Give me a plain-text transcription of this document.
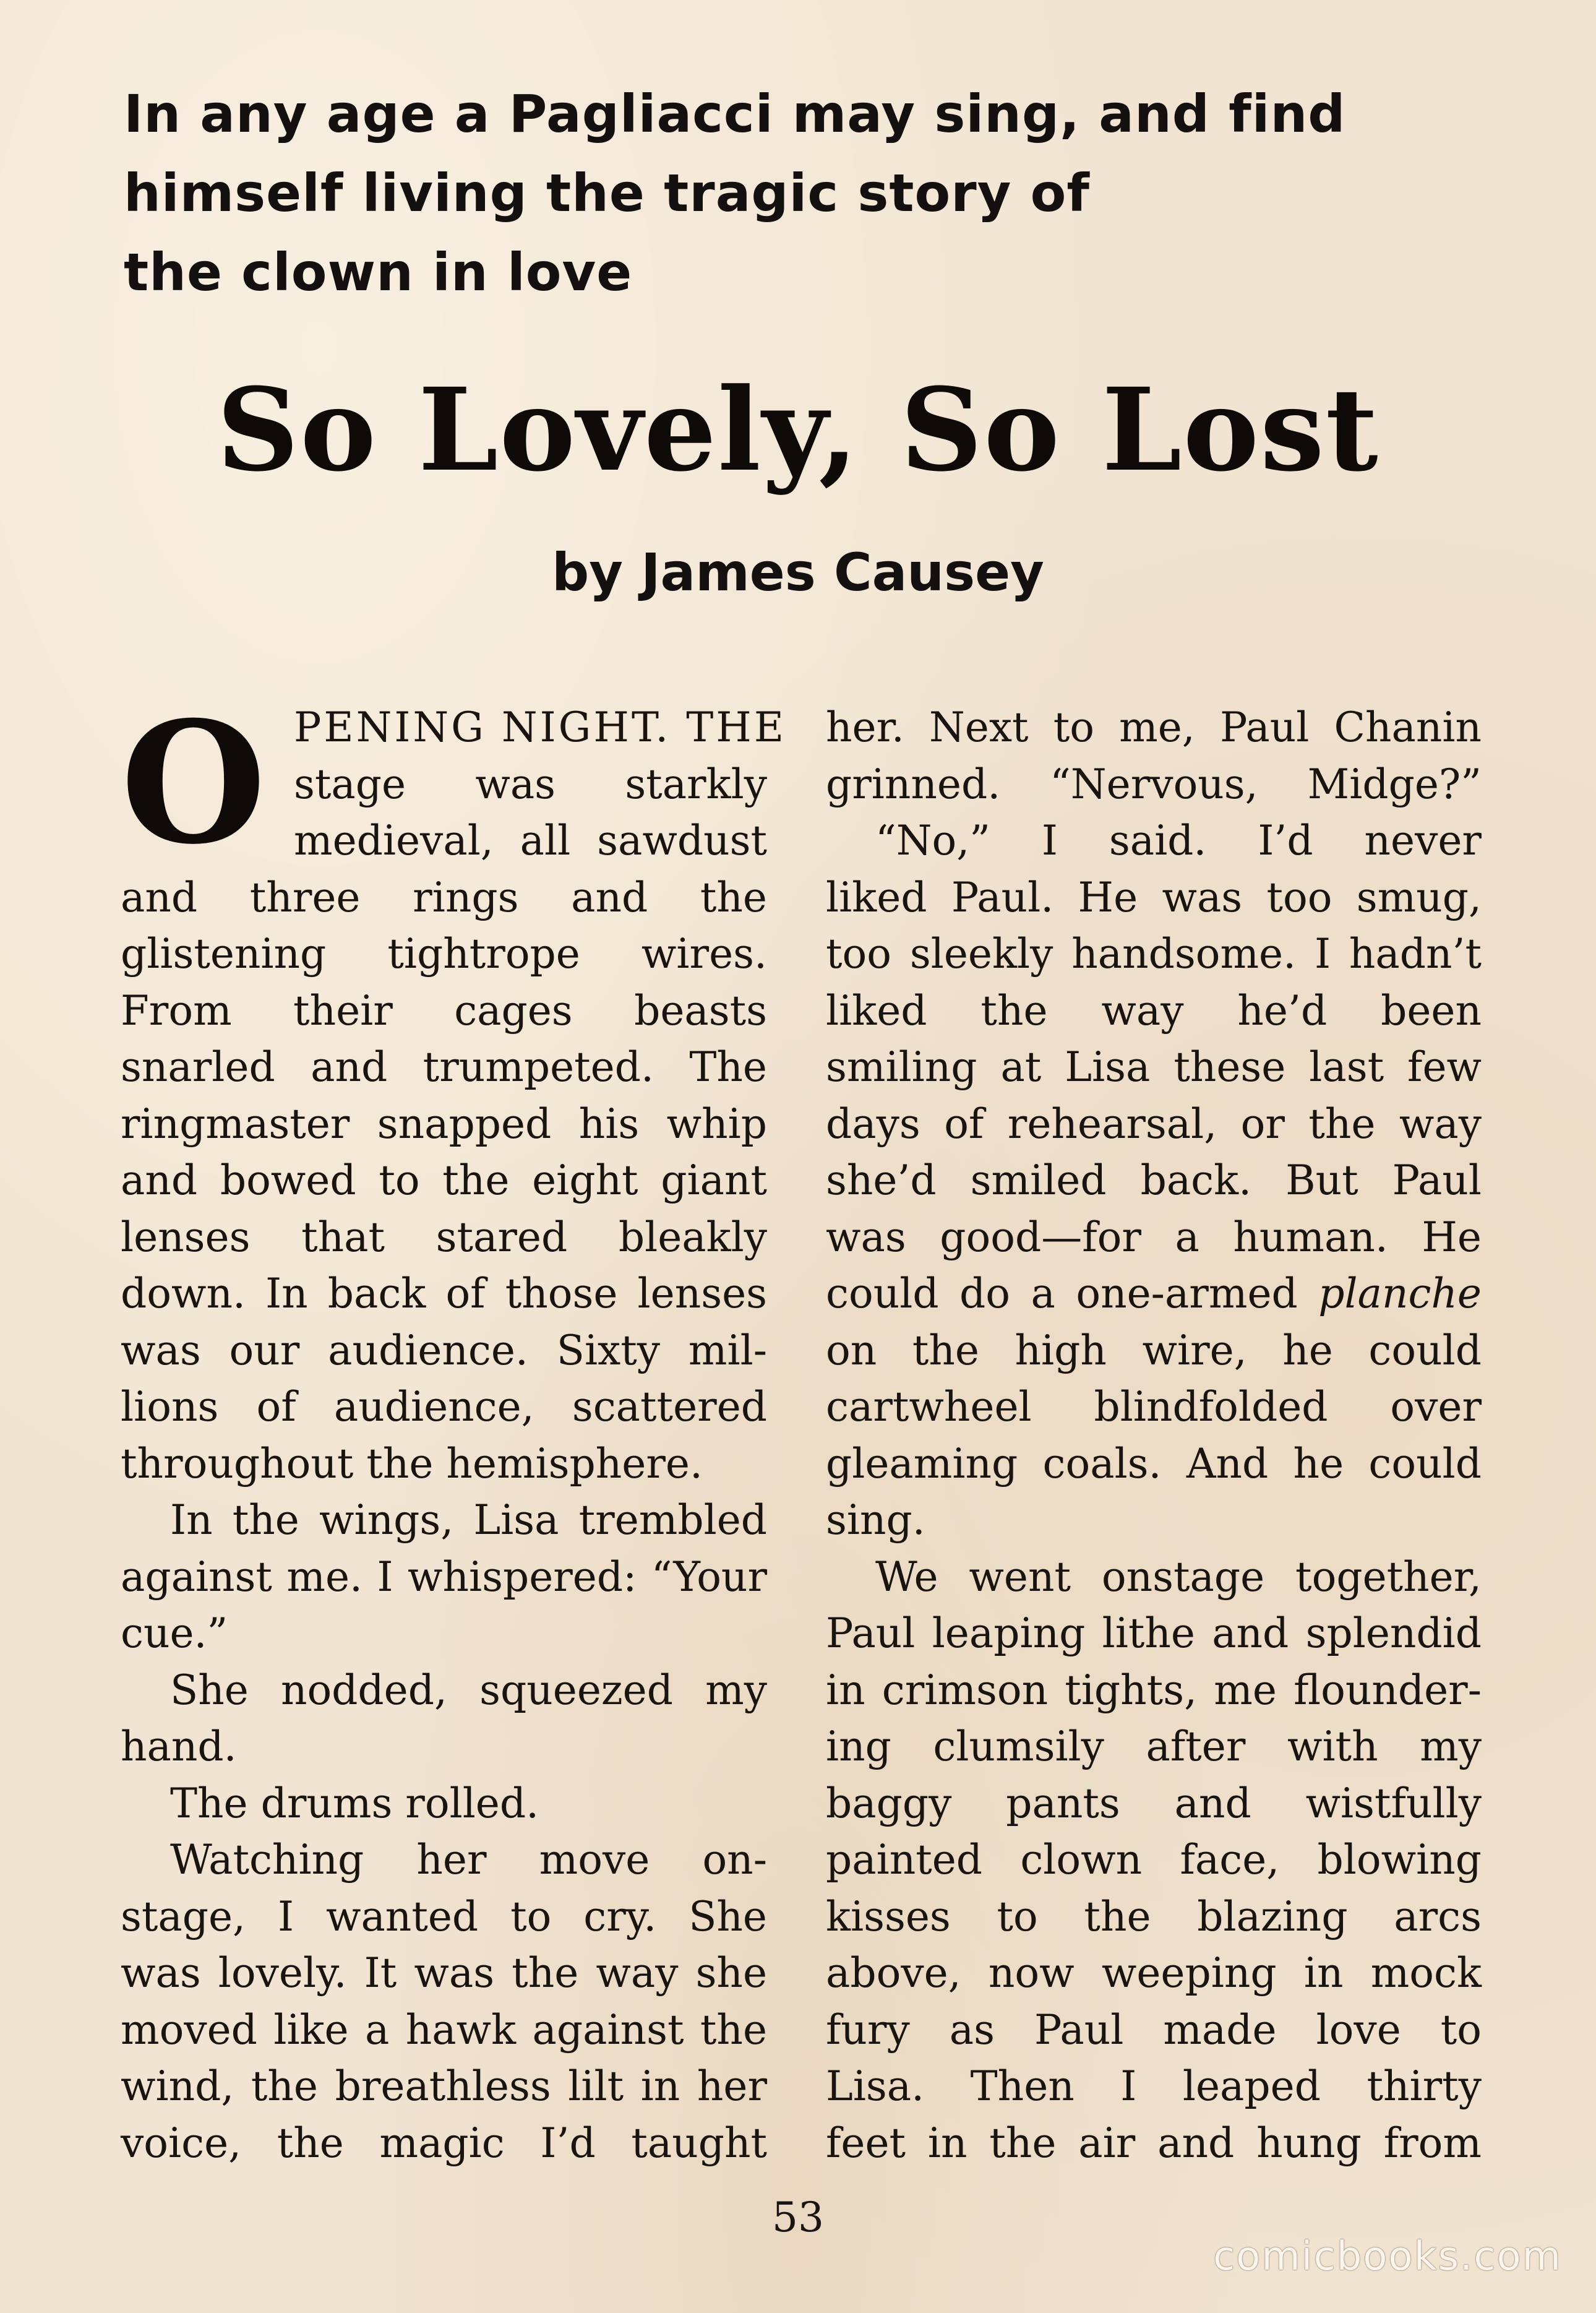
In any age a Pagliacci may sing, and find
himself living the tragic story of
the clown in love
So Lovely, So Lost
by James Causey
O PENING NIGHT. THE
stage was starkly
medieval, all sawdust
and three rings and the
glistening tightrope wires.
From their cages beasts
snarled and trumpeted. The
ringmaster snapped his whip
and bowed to the eight giant
lenses that stared bleakly
down. In back of those lenses
was our audience. Sixty mil-
lions of audience, scattered
throughout the hemisphere.
In the wings, Lisa trembled
against me. I whispered: “Your
cue.”
She nodded, squeezed my
hand.
The drums rolled.
Watching her move on-
stage, I wanted to cry. She
was lovely. It was the way she
moved like a hawk against the
wind, the breathless lilt in her
voice, the magic I’d taught
her. Next to me, Paul Chanin
grinned. “Nervous, Midge?”
“No,” I said. I’d never
liked Paul. He was too smug,
too sleekly handsome. I hadn’t
liked the way he’d been
smiling at Lisa these last few
days of rehearsal, or the way
she’d smiled back. But Paul
was good—for a human. He
could do a one-armed planche
on the high wire, he could
cartwheel blindfolded over
gleaming coals. And he could
sing.
We went onstage together,
Paul leaping lithe and splendid
in crimson tights, me flounder-
ing clumsily after with my
baggy pants and wistfully
painted clown face, blowing
kisses to the blazing arcs
above, now weeping in mock
fury as Paul made love to
Lisa. Then I leaped thirty
feet in the air and hung from
53
comicbooks.com
